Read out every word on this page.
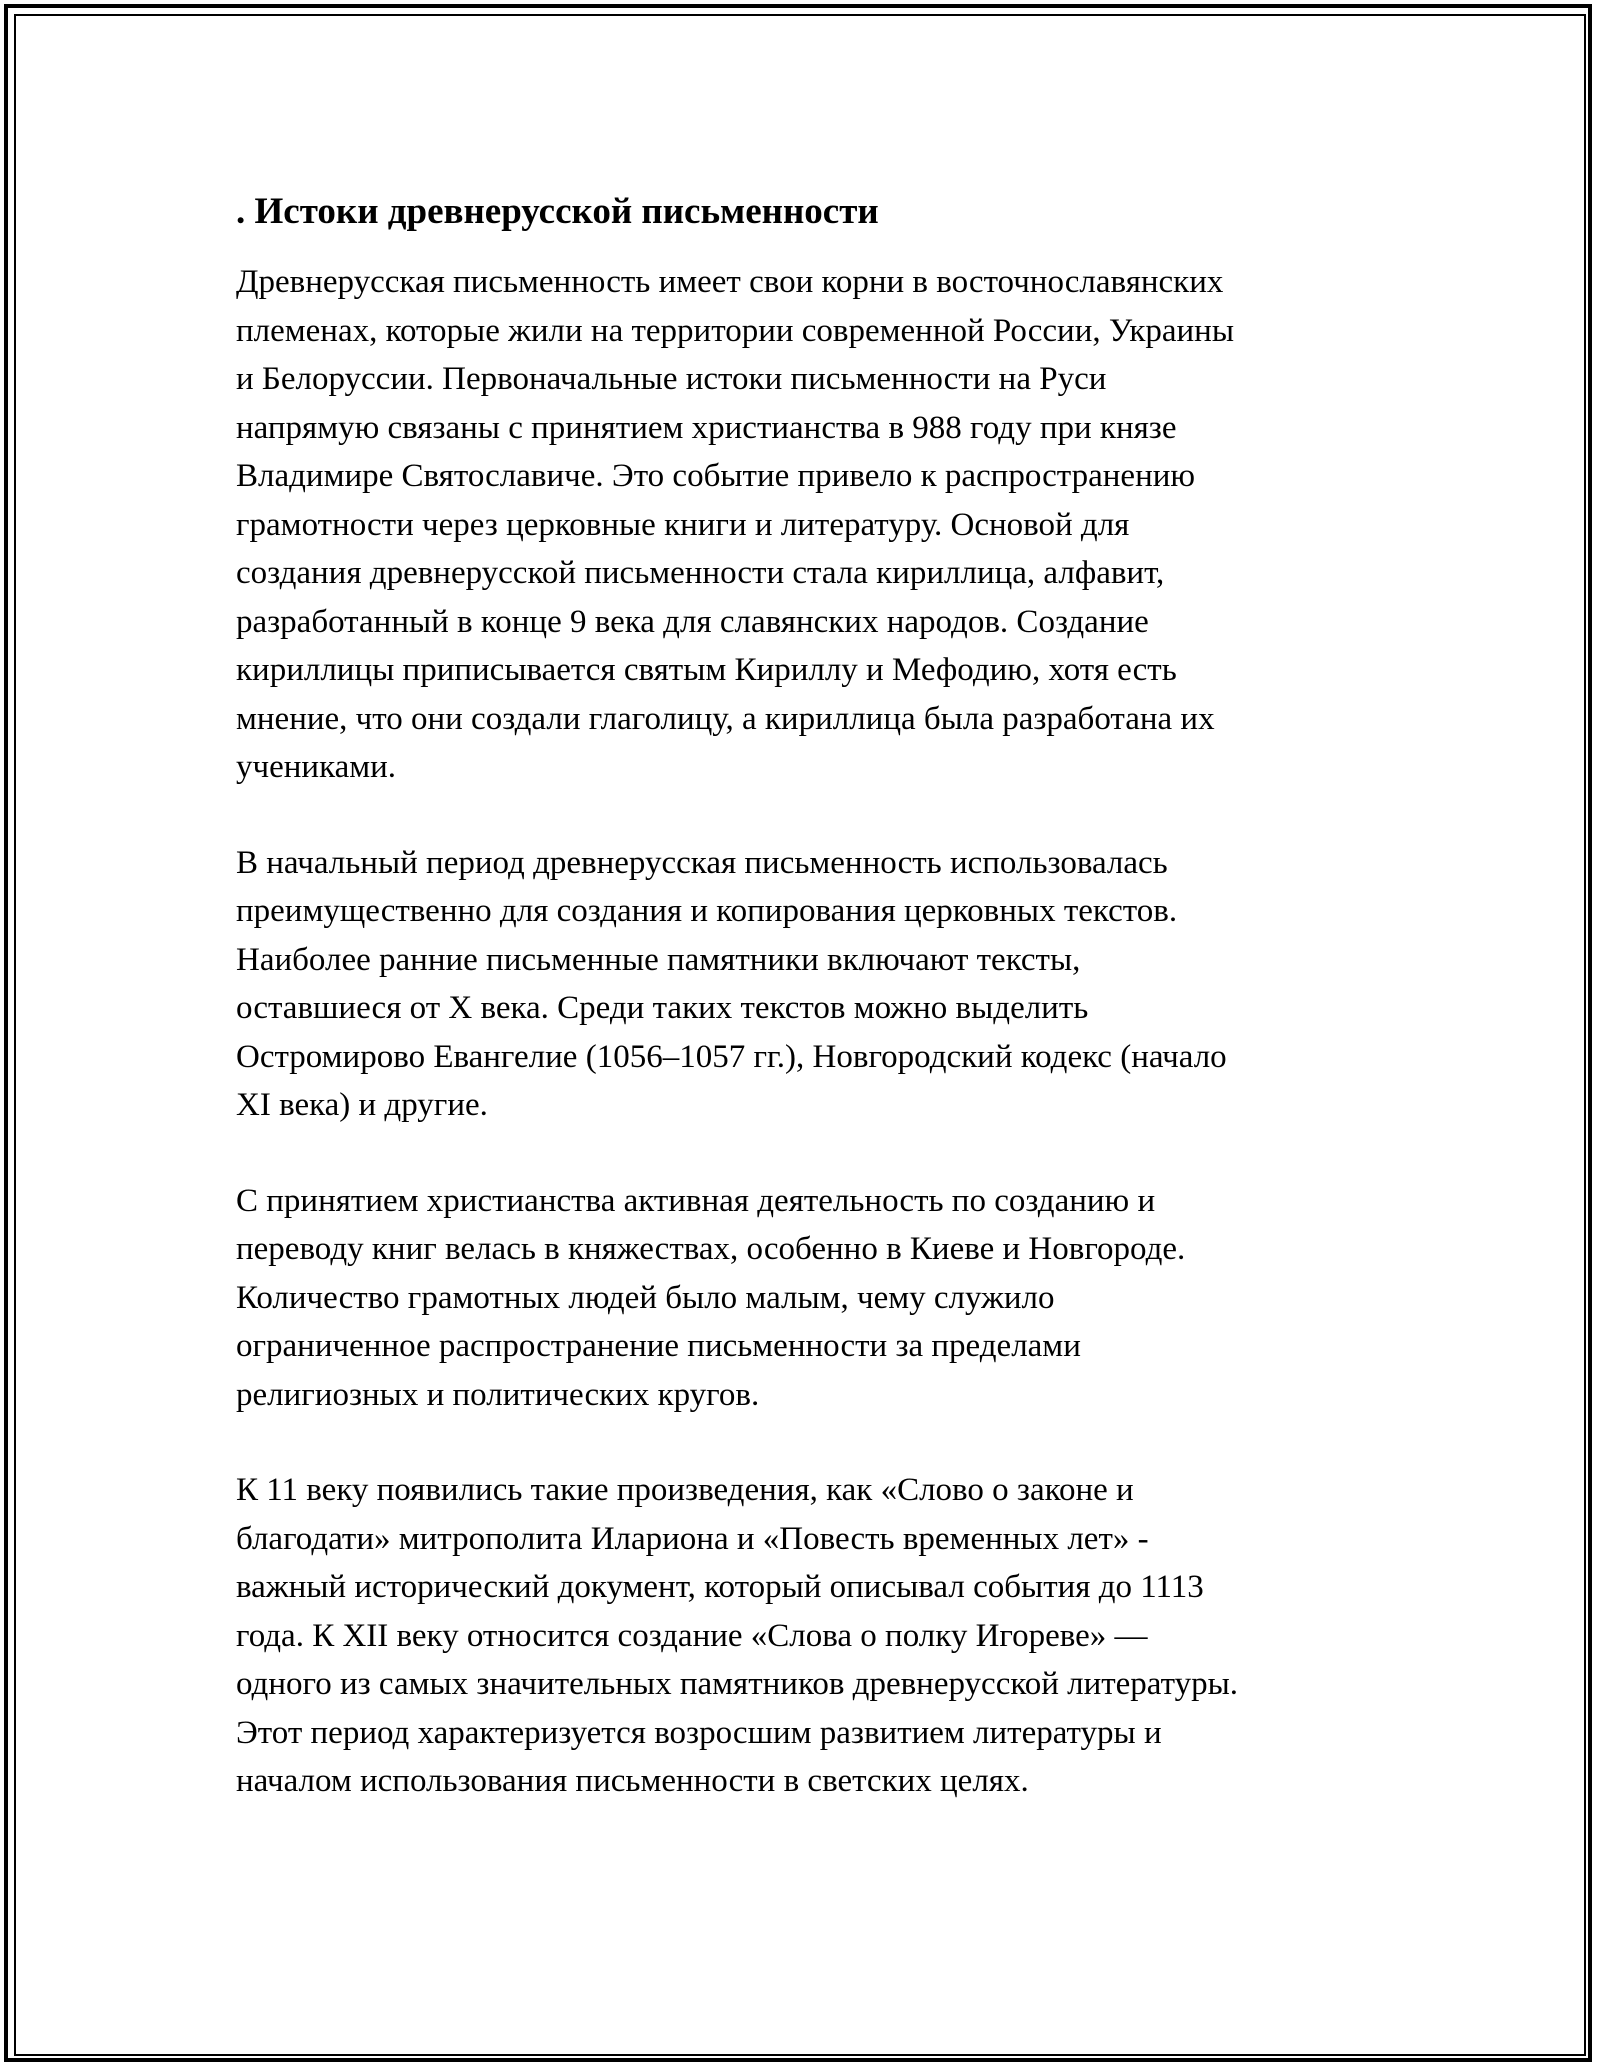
. Истоки древнерусской письменности

Древнерусская письменность имеет свои корни в восточнославянских
племенах, которые жили на территории современной России, Украины
и Белоруссии. Первоначальные истоки письменности на Руси
напрямую связаны с принятием христианства в 988 году при князе
Владимире Святославиче. Это событие привело к распространению
грамотности через церковные книги и литературу. Основой для
создания древнерусской письменности стала кириллица, алфавит,
разработанный в конце 9 века для славянских народов. Создание
кириллицы приписывается святым Кириллу и Мефодию, хотя есть
мнение, что они создали глаголицу, а кириллица была разработана их
учениками.

В начальный период древнерусская письменность использовалась
преимущественно для создания и копирования церковных текстов.
Наиболее ранние письменные памятники включают тексты,
оставшиеся от X века. Среди таких текстов можно выделить
Остромирово Евангелие (1056–1057 гг.), Новгородский кодекс (начало
XI века) и другие.

С принятием христианства активная деятельность по созданию и
переводу книг велась в княжествах, особенно в Киеве и Новгороде.
Количество грамотных людей было малым, чему служило
ограниченное распространение письменности за пределами
религиозных и политических кругов.

К 11 веку появились такие произведения, как «Слово о законе и
благодати» митрополита Илариона и «Повесть временных лет» -
важный исторический документ, который описывал события до 1113
года. К XII веку относится создание «Слова о полку Игореве» —
одного из самых значительных памятников древнерусской литературы.
Этот период характеризуется возросшим развитием литературы и
началом использования письменности в светских целях.
